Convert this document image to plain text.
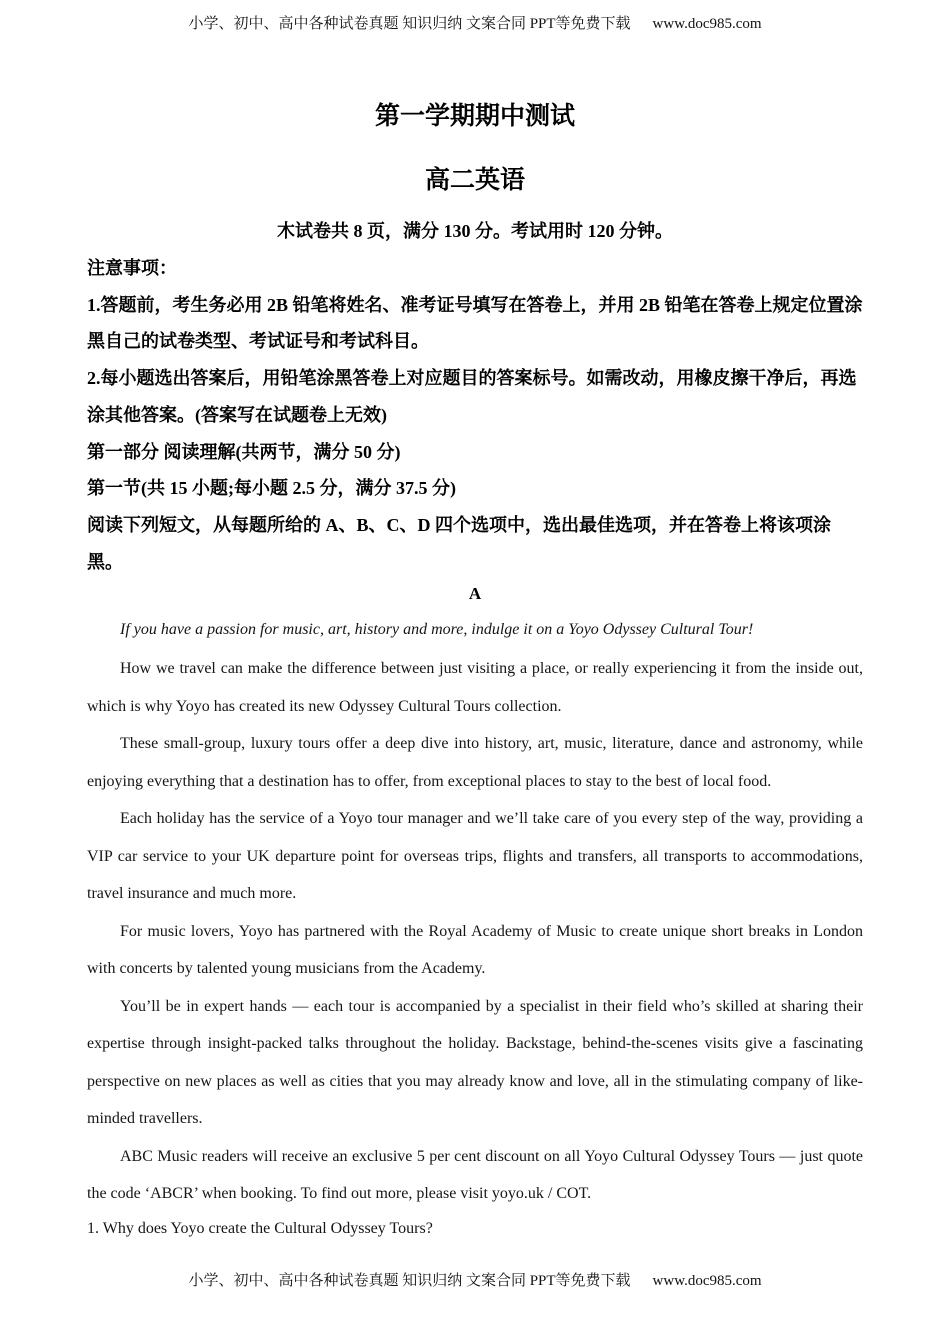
小学、初中、高中各种试卷真题 知识归纳 文案合同 PPT等免费下载 www.doc985.com
第一学期期中测试
高二英语
木试卷共 8 页，满分 130 分。考试用时 120 分钟。

注意事项：

1.答题前，考生务必用 2B 铅笔将姓名、准考证号填写在答卷上，并用 2B 铅笔在答卷上规定位置涂黑自己的试卷类型、考试证号和考试科目。

2.每小题选出答案后，用铅笔涂黑答卷上对应题目的答案标号。如需改动，用橡皮擦干净后，再选涂其他答案。(答案写在试题卷上无效)

第一部分 阅读理解(共两节，满分 50 分)

第一节(共 15 小题;每小题 2.5 分，满分 37.5 分)

阅读下列短文，从每题所给的 A、B、C、D 四个选项中，选出最佳选项，并在答卷上将该项涂黑。

A

If you have a passion for music, art, history and more, indulge it on a Yoyo Odyssey Cultural Tour!

How we travel can make the difference between just visiting a place, or really experiencing it from the inside out, which is why Yoyo has created its new Odyssey Cultural Tours collection.

These small-group, luxury tours offer a deep dive into history, art, music, literature, dance and astronomy, while enjoying everything that a destination has to offer, from exceptional places to stay to the best of local food.

Each holiday has the service of a Yoyo tour manager and we’ll take care of you every step of the way, providing a VIP car service to your UK departure point for overseas trips, flights and transfers, all transports to accommodations, travel insurance and much more.

For music lovers, Yoyo has partnered with the Royal Academy of Music to create unique short breaks in London with concerts by talented young musicians from the Academy.

You’ll be in expert hands — each tour is accompanied by a specialist in their field who’s skilled at sharing their expertise through insight-packed talks throughout the holiday. Backstage, behind-the-scenes visits give a fascinating perspective on new places as well as cities that you may already know and love, all in the stimulating company of like-minded travellers.

ABC Music readers will receive an exclusive 5 per cent discount on all Yoyo Cultural Odyssey Tours — just quote the code ‘ABCR’ when booking. To find out more, please visit yoyo.uk / COT.

1. Why does Yoyo create the Cultural Odyssey Tours?

小学、初中、高中各种试卷真题 知识归纳 文案合同 PPT等免费下载 www.doc985.com
